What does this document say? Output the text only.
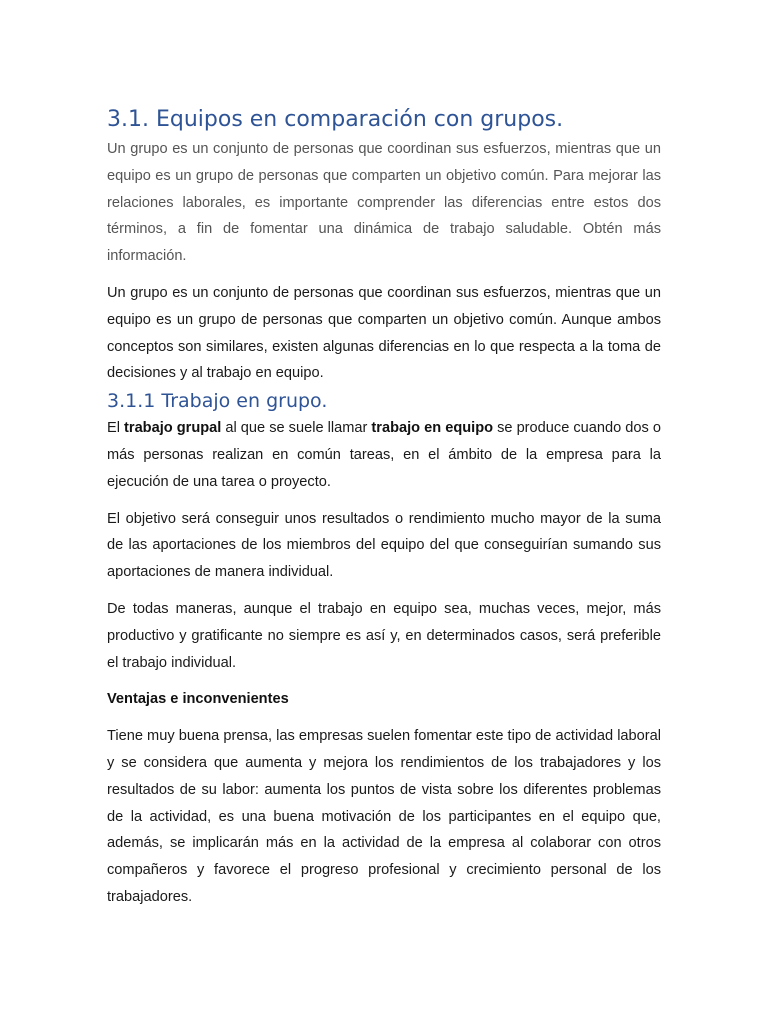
3.1. Equipos en comparación con grupos.

Un grupo es un conjunto de personas que coordinan sus esfuerzos, mientras que un equipo es un grupo de personas que comparten un objetivo común. Para mejorar las relaciones laborales, es importante comprender las diferencias entre estos dos términos, a fin de fomentar una dinámica de trabajo saludable. Obtén más información.

Un grupo es un conjunto de personas que coordinan sus esfuerzos, mientras que un equipo es un grupo de personas que comparten un objetivo común. Aunque ambos conceptos son similares, existen algunas diferencias en lo que respecta a la toma de decisiones y al trabajo en equipo.

3.1.1 Trabajo en grupo.

El trabajo grupal al que se suele llamar trabajo en equipo se produce cuando dos o más personas realizan en común tareas, en el ámbito de la empresa para la ejecución de una tarea o proyecto.

El objetivo será conseguir unos resultados o rendimiento mucho mayor de la suma de las aportaciones de los miembros del equipo del que conseguirían sumando sus aportaciones de manera individual.

De todas maneras, aunque el trabajo en equipo sea, muchas veces, mejor, más productivo y gratificante no siempre es así y, en determinados casos, será preferible el trabajo individual.

Ventajas e inconvenientes

Tiene muy buena prensa, las empresas suelen fomentar este tipo de actividad laboral y se considera que aumenta y mejora los rendimientos de los trabajadores y los resultados de su labor: aumenta los puntos de vista sobre los diferentes problemas de la actividad, es una buena motivación de los participantes en el equipo que, además, se implicarán más en la actividad de la empresa al colaborar con otros compañeros y favorece el progreso profesional y crecimiento personal de los trabajadores.
